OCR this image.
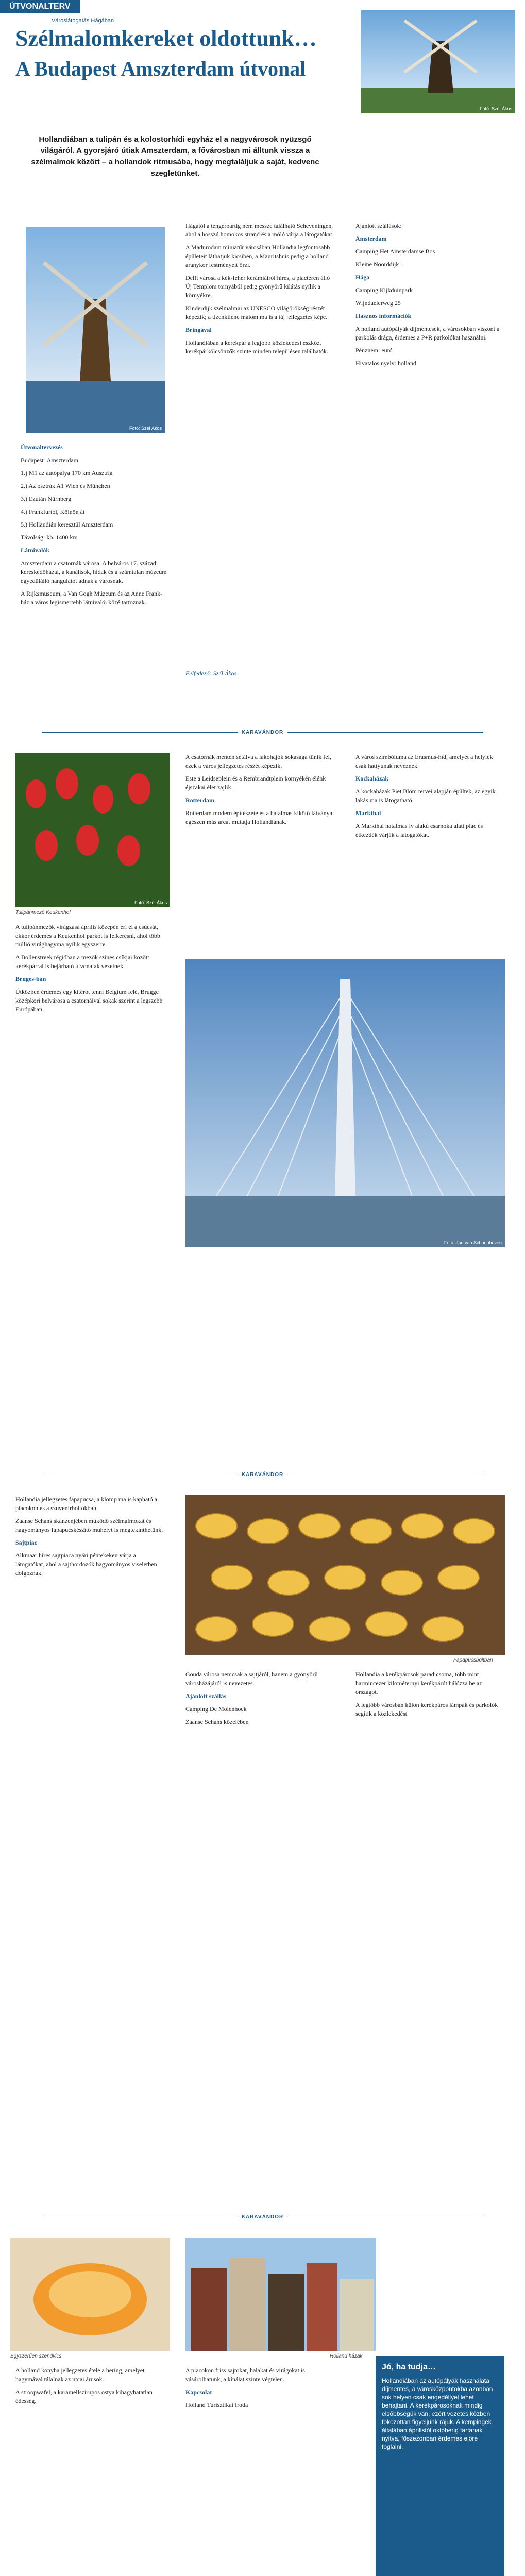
ÚTVONALTERV
Városlátogatás Hágában
Szélmalomkereket oldottunk…
A Budapest Amszterdam útvonal
Fotó: Szél Ákos
Hollandiában a tulipán és a kolostorhídi egyház el a nagyvárosok nyüzsgő világáról. A gyorsjáró útiak Amszterdam, a fővárosban mi álltunk vissza a szélmalmok között – a hollandok ritmusába, hogy megtaláljuk a saját, kedvenc szegletünket.
Fotó: Szél Ákos

Útvonaltervezés

Budapest–Amszterdam

1.) M1 az autópálya 170 km Ausztria

2.) Az osztrák A1 Wien és München

3.) Ezután Nürnberg

4.) Frankfurtól, Kölnön át

5.) Hollandián keresztül Amszterdam

Távolság: kb. 1400 km

Látnivalók

Amszterdam a csatornák városa. A belváros 17. századi kereskedőházai, a kanálisok, hidak és a számtalan múzeum egyedülálló hangulatot adnak a városnak.

A Rijksmuseum, a Van Gogh Múzeum és az Anne Frank-ház a város legismertebb látnivalói közé tartoznak.

Hágától a tengerpartig nem messze található Scheveningen, ahol a hosszú homokos strand és a móló várja a látogatókat.

A Madurodam miniatűr városában Hollandia legfontosabb épületeit láthatjuk kicsiben, a Mauritshuis pedig a holland aranykor festményeit őrzi.

Delft városa a kék-fehér kerámiáiról híres, a piactéren álló Új Templom tornyából pedig gyönyörű kilátás nyílik a környékre.

Kinderdijk szélmalmai az UNESCO világörökség részét képezik; a tizenkilenc malom ma is a táj jellegzetes képe.

Bringával

Hollandiában a kerékpár a legjobb közlekedési eszköz, kerékpárkölcsönzők szinte minden településen találhatók.

Ajánlott szállások:

Amsterdam

Camping Het Amsterdamse Bos

Kleine Noorddijk 1

Hága

Camping Kijkduinpark

Wijndaelerweg 25

Hasznos információk

A holland autópályák díjmentesek, a városokban viszont a parkolás drága, érdemes a P+R parkolókat használni.

Pénznem: euró

Hivatalos nyelv: holland

Felfedező: Szél Ákos
KARAVÁNDOR
Fotó: Szél Ákos
Tulipánmező Keukenhof

A tulipánmezők virágzása április közepén éri el a csúcsát, ekkor érdemes a Keukenhof parkot is felkeresni, ahol több millió virághagyma nyílik egyszerre.

A Bollenstreek régióban a mezők színes csíkjai között kerékpárral is bejárható útvonalak vezetnek.

Bruges-ban

Útközben érdemes egy kitérőt tenni Belgium felé, Brugge középkori belvárosa a csatornáival sokak szerint a legszebb Európában.

A csatornák mentén sétálva a lakóhajók sokasága tűnik fel, ezek a város jellegzetes részét képezik.

Este a Leidseplein és a Rembrandtplein környékén élénk éjszakai élet zajlik.

Rotterdam

Rotterdam modern építészete és a hatalmas kikötő látványa egészen más arcát mutatja Hollandiának.

A város szimbóluma az Erasmus-híd, amelyet a helyiek csak hattyúnak neveznek.

Kockaházak

A kockaházak Piet Blom tervei alapján épültek, az egyik lakás ma is látogatható.

Markthal

A Markthal hatalmas ív alakú csarnoka alatt piac és étkezdék várják a látogatókat.

Fotó: Jan van Schoonhoven
KARAVÁNDOR

Hollandia jellegzetes fapapucsa, a klomp ma is kapható a piacokon és a szuvenírboltokban.

Zaanse Schans skanzenjében működő szélmalmokat és hagyományos fapapucskészítő műhelyt is megtekinthetünk.

Sajtpiac

Alkmaar híres sajtpiaca nyári péntekeken várja a látogatókat, ahol a sajthordozók hagyományos viseletben dolgoznak.

Gouda városa nemcsak a sajtjáról, hanem a gyönyörű városházájáról is nevezetes.

Ajánlott szállás

Camping De Molenhoek

Zaanse Schans közelében

Hollandia a kerékpárosok paradicsoma, több mint harmincezer kilométernyi kerékpárút hálózza be az országot.

A legtöbb városban külön kerékpáros lámpák és parkolók segítik a közlekedést.

Fapapucsboltban
KARAVÁNDOR
Egyszerűen szendvics	Holland házak

A holland konyha jellegzetes étele a hering, amelyet hagymával tálalnak az utcai árusok.

A stroopwafel, a karamellszirupos ostya kihagyhatatlan édesség.

A piacokon friss sajtokat, halakat és virágokat is vásárolhatunk, a kínálat szinte végtelen.

Kapcsolat

Holland Turisztikai Iroda

Jó, ha tudja…
Hollandiában az autópályák használata díjmentes, a városközpontokba azonban sok helyen csak engedéllyel lehet behajtani. A kerékpárosoknak mindig elsőbbségük van, ezért vezetés közben fokozottan figyeljünk rájuk. A kempingek általában áprilistól októberig tartanak nyitva, főszezonban érdemes előre foglalni.
